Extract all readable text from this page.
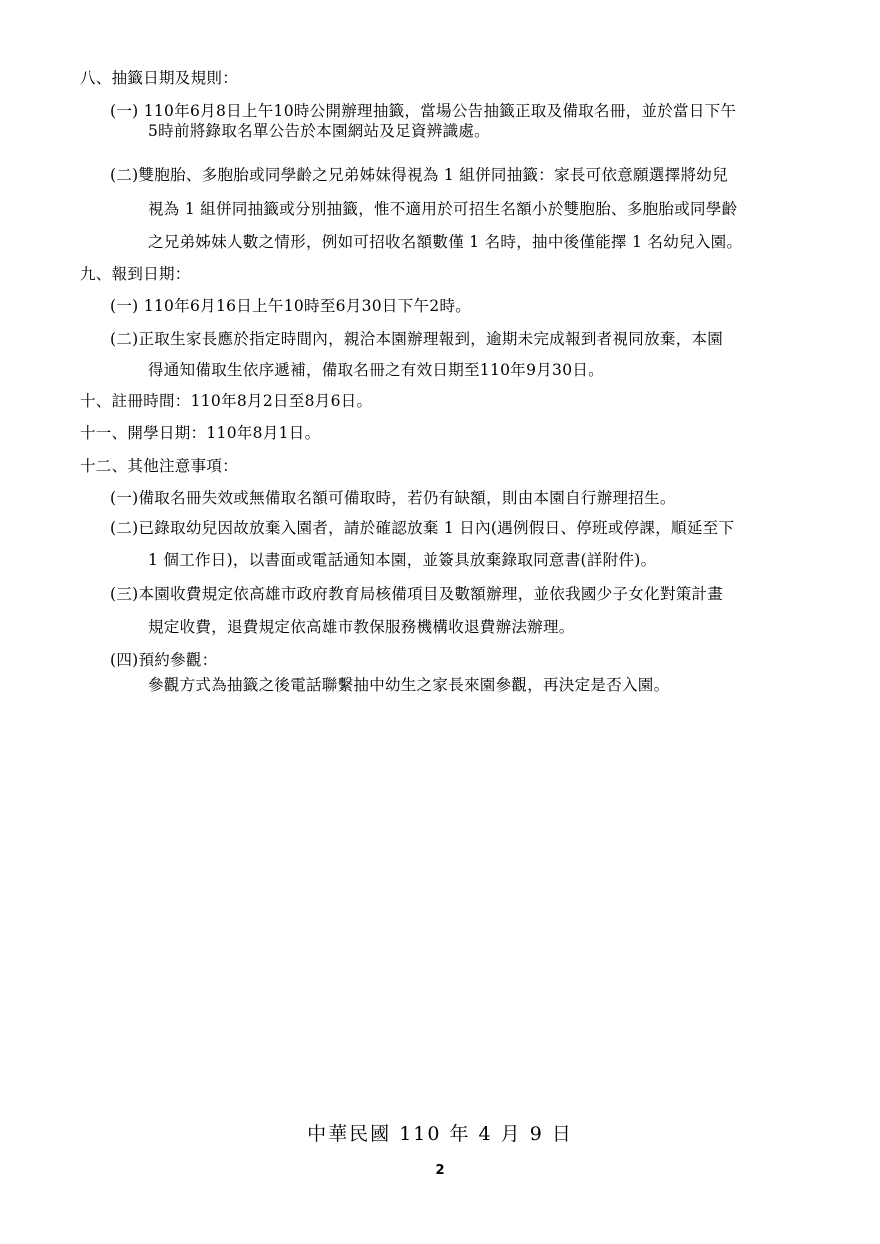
八、抽籤日期及規則：
(一) 110年6月8日上午10時公開辦理抽籤，當場公告抽籤正取及備取名冊，並於當日下午
5時前將錄取名單公告於本園網站及足資辨識處。
(二)雙胞胎、多胞胎或同學齡之兄弟姊妹得視為 1 組併同抽籤：家長可依意願選擇將幼兒
視為 1 組併同抽籤或分別抽籤，惟不適用於可招生名額小於雙胞胎、多胞胎或同學齡
之兄弟姊妹人數之情形，例如可招收名額數僅 1 名時，抽中後僅能擇 1 名幼兒入園。
九、報到日期：
(一) 110年6月16日上午10時至6月30日下午2時。
(二)正取生家長應於指定時間內，親洽本園辦理報到，逾期未完成報到者視同放棄，本園
得通知備取生依序遞補，備取名冊之有效日期至110年9月30日。
十、註冊時間：110年8月2日至8月6日。
十一、開學日期：110年8月1日。
十二、其他注意事項：
(一)備取名冊失效或無備取名額可備取時，若仍有缺額，則由本園自行辦理招生。
(二)已錄取幼兒因故放棄入園者，請於確認放棄 1 日內(遇例假日、停班或停課，順延至下
1 個工作日)，以書面或電話通知本園，並簽具放棄錄取同意書(詳附件)。
(三)本園收費規定依高雄市政府教育局核備項目及數額辦理，並依我國少子女化對策計畫
規定收費，退費規定依高雄市教保服務機構收退費辦法辦理。
(四)預約參觀：
參觀方式為抽籤之後電話聯繫抽中幼生之家長來園參觀，再決定是否入園。
中華民國 110 年 4 月 9 日
2
